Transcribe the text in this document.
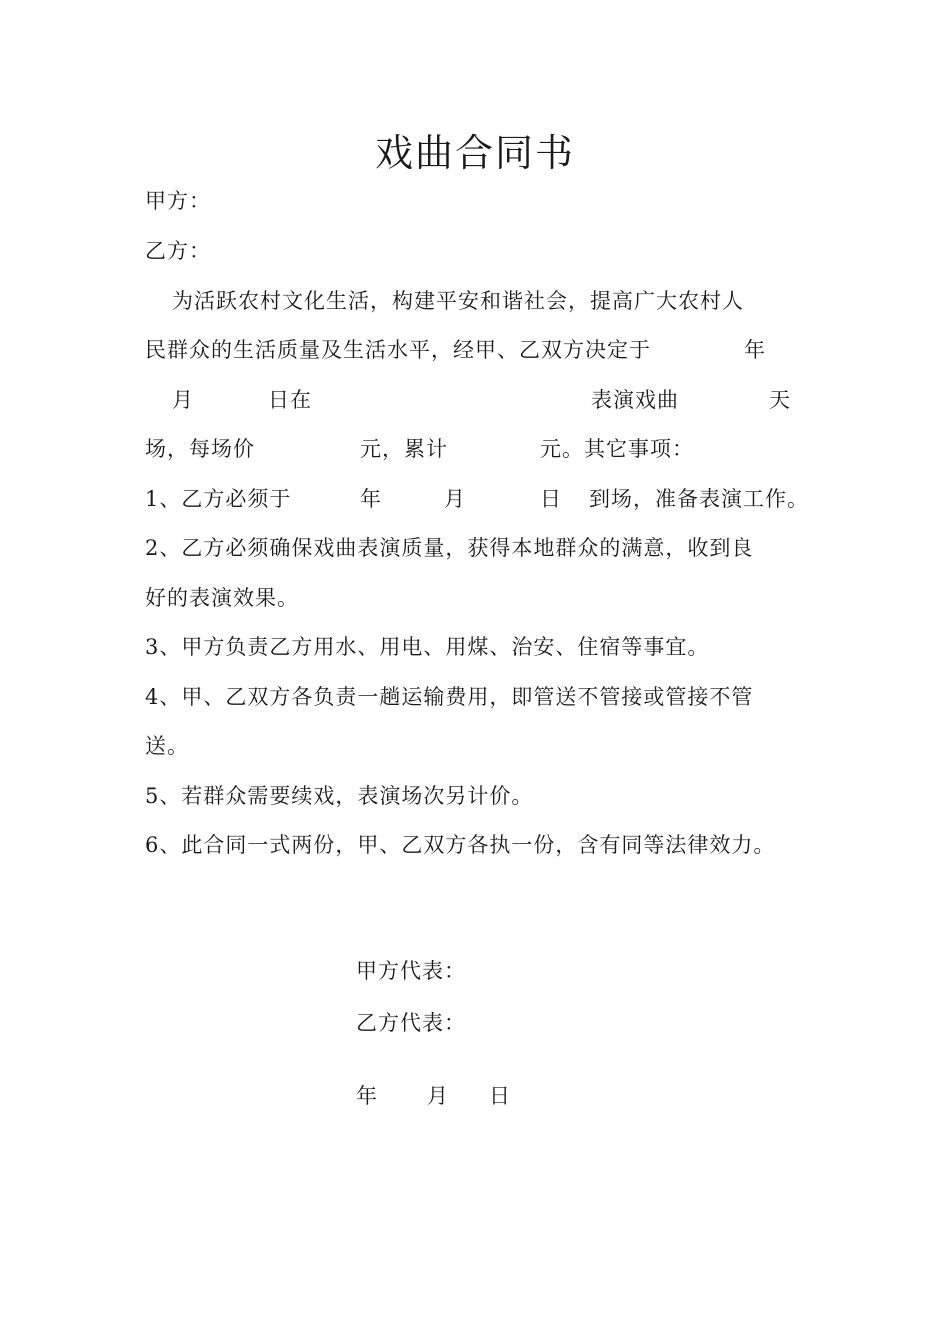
戏曲合同书
甲方：
乙方：
为活跃农村文化生活，构建平安和谐社会，提高广大农村人
民群众的生活质量及生活水平，经甲、乙双方决定于	年
月	日在	表演戏曲	天
场，每场价	元，累计	元。其它事项：
1、乙方必须于	年	月	日 到场，准备表演工作。
2、乙方必须确保戏曲表演质量，获得本地群众的满意，收到良
好的表演效果。
3、甲方负责乙方用水、用电、用煤、治安、住宿等事宜。
4、甲、乙双方各负责一趟运输费用，即管送不管接或管接不管
送。
5、若群众需要续戏，表演场次另计价。
6、此合同一式两份，甲、乙双方各执一份，含有同等法律效力。
甲方代表：
乙方代表：
年 月 日
